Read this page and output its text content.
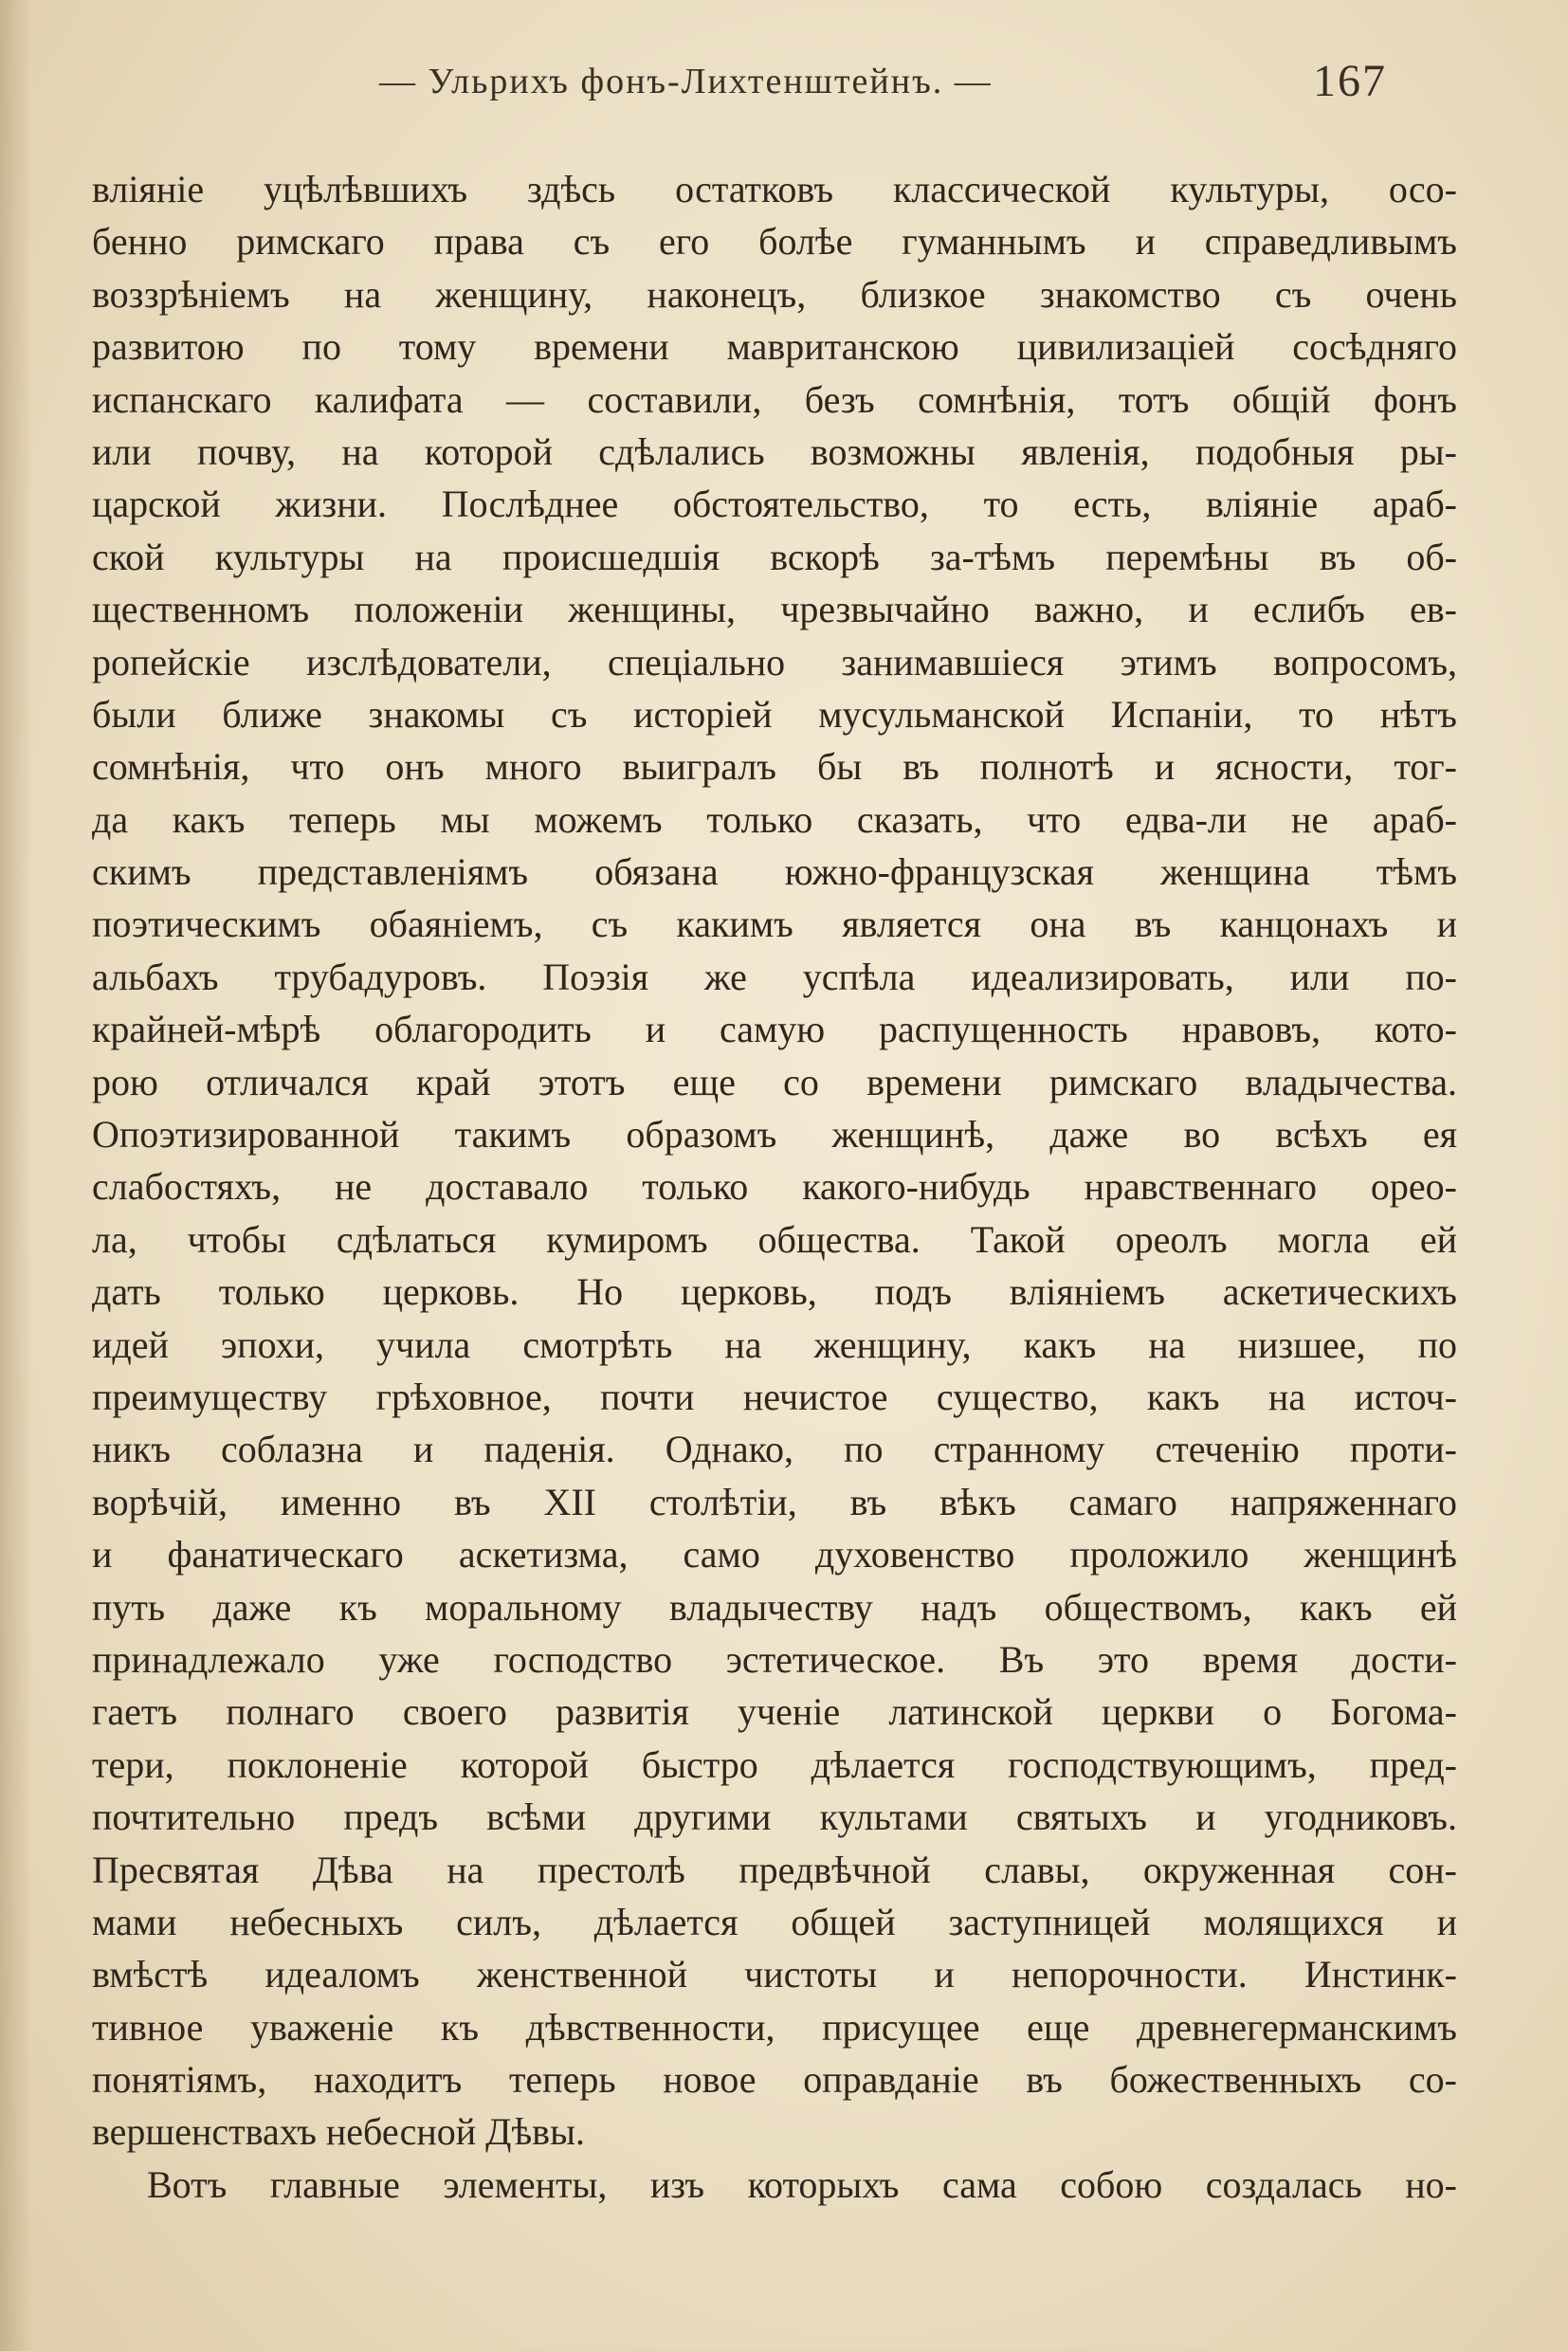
— Ульрихъ фонъ-Лихтенштейнъ. —	167
вліяніе уцѣлѣвшихъ здѣсь остатковъ классической культуры, осо-
бенно римскаго права съ его болѣе гуманнымъ и справедливымъ
воззрѣніемъ на женщину, наконецъ, близкое знакомство съ очень
развитою по тому времени мавританскою цивилизаціей сосѣдняго
испанскаго калифата — составили, безъ сомнѣнія, тотъ общій фонъ
или почву, на которой сдѣлались возможны явленія, подобныя ры-
царской жизни. Послѣднее обстоятельство, то есть, вліяніе араб-
ской культуры на происшедшія вскорѣ за-тѣмъ перемѣны въ об-
щественномъ положеніи женщины, чрезвычайно важно, и еслибъ ев-
ропейскіе изслѣдователи, спеціально занимавшіеся этимъ вопросомъ,
были ближе знакомы съ исторіей мусульманской Испаніи, то нѣтъ
сомнѣнія, что онъ много выигралъ бы въ полнотѣ и ясности, тог-
да какъ теперь мы можемъ только сказать, что едва-ли не араб-
скимъ представленіямъ обязана южно-французская женщина тѣмъ
поэтическимъ обаяніемъ, съ какимъ является она въ канцонахъ и
альбахъ трубадуровъ. Поэзія же успѣла идеализировать, или по-
крайней-мѣрѣ облагородить и самую распущенность нравовъ, кото-
рою отличался край этотъ еще со времени римскаго владычества.
Опоэтизированной такимъ образомъ женщинѣ, даже во всѣхъ ея
слабостяхъ, не доставало только какого-нибудь нравственнаго орео-
ла, чтобы сдѣлаться кумиромъ общества. Такой ореолъ могла ей
дать только церковь. Но церковь, подъ вліяніемъ аскетическихъ
идей эпохи, учила смотрѣть на женщину, какъ на низшее, по
преимуществу грѣховное, почти нечистое существо, какъ на источ-
никъ соблазна и паденія. Однако, по странному стеченію проти-
ворѣчій, именно въ XII столѣтіи, въ вѣкъ самаго напряженнаго
и фанатическаго аскетизма, само духовенство проложило женщинѣ
путь даже къ моральному владычеству надъ обществомъ, какъ ей
принадлежало уже господство эстетическое. Въ это время дости-
гаетъ полнаго своего развитія ученіе латинской церкви о Богома-
тери, поклоненіе которой быстро дѣлается господствующимъ, пред-
почтительно предъ всѣми другими культами святыхъ и угодниковъ.
Пресвятая Дѣва на престолѣ предвѣчной славы, окруженная сон-
мами небесныхъ силъ, дѣлается общей заступницей молящихся и
вмѣстѣ идеаломъ женственной чистоты и непорочности. Инстинк-
тивное уваженіе къ дѣвственности, присущее еще древнегерманскимъ
понятіямъ, находитъ теперь новое оправданіе въ божественныхъ со-
вершенствахъ небесной Дѣвы.
Вотъ главные элементы, изъ которыхъ сама собою создалась но-
